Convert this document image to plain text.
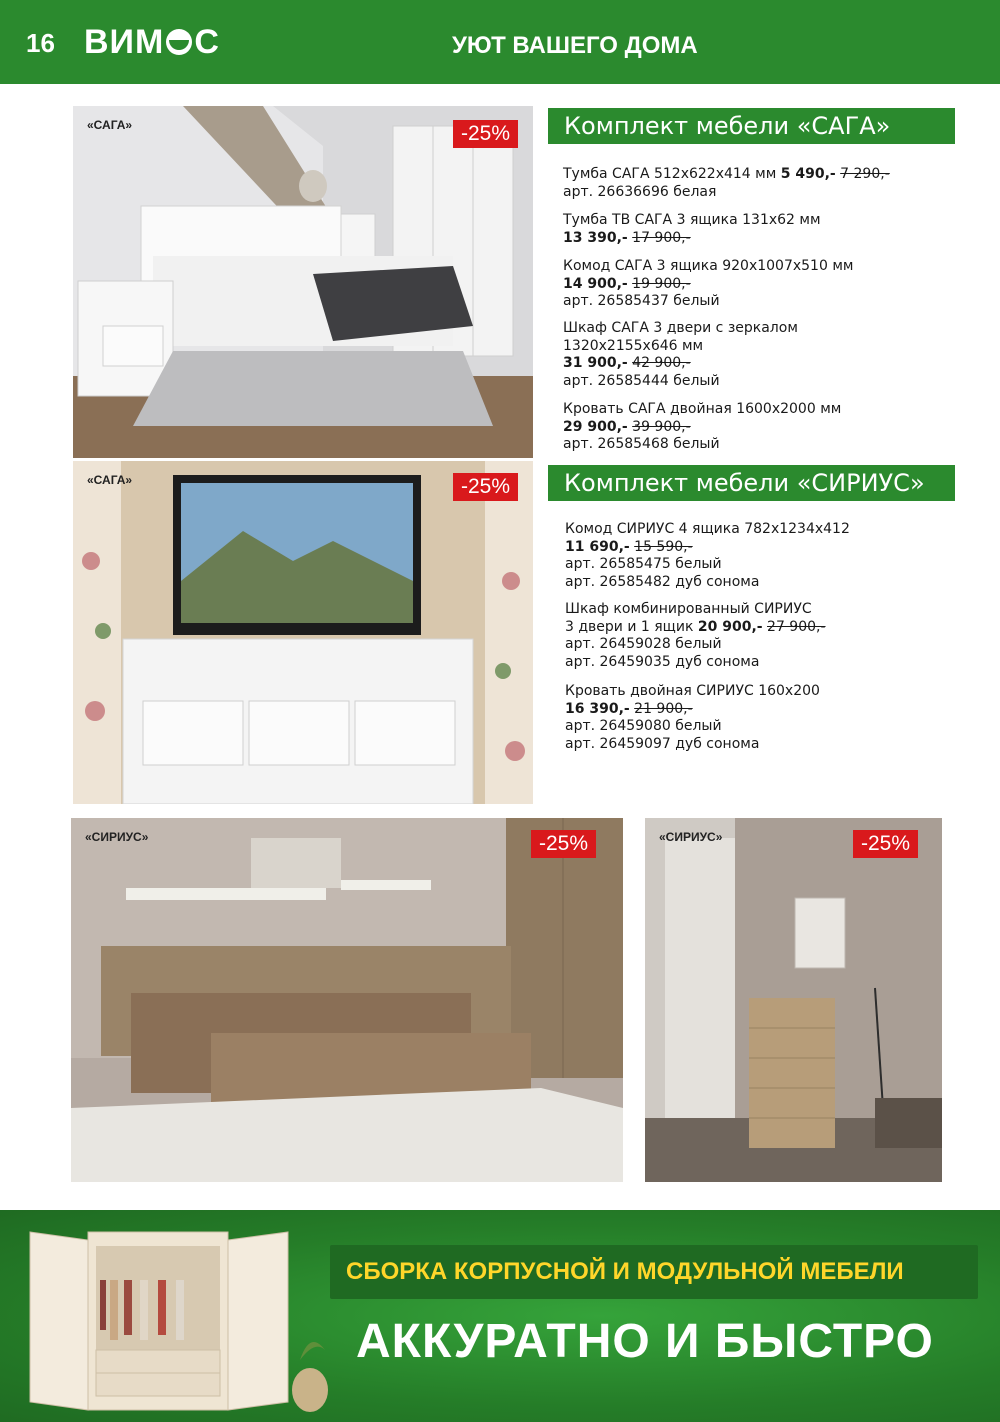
16 ВИМ С	УЮТ ВАШЕГО ДОМА
«САГА»	-25%
«САГА»	-25%
Комплект мебели «САГА»
Тумба САГА 512x622x414 мм 5 490,- 7 290,-
арт. 26636696 белая
Тумба ТВ САГА 3 ящика 131x62 мм
13 390,- 17 900,-
Комод САГА 3 ящика 920x1007x510 мм
14 900,- 19 900,-
арт. 26585437 белый
Шкаф САГА 3 двери с зеркалом
1320x2155x646 мм
31 900,- 42 900,-
арт. 26585444 белый
Кровать САГА двойная 1600x2000 мм
29 900,- 39 900,-
арт. 26585468 белый
Комплект мебели «СИРИУС»
Комод СИРИУС 4 ящика 782x1234x412
11 690,- 15 590,-
арт. 26585475 белый
арт. 26585482 дуб сонома
Шкаф комбинированный СИРИУС
3 двери и 1 ящик 20 900,- 27 900,-
арт. 26459028 белый
арт. 26459035 дуб сонома
Кровать двойная СИРИУС 160x200
16 390,- 21 900,-
арт. 26459080 белый
арт. 26459097 дуб сонома
«СИРИУС»	-25%	«СИРИУС»	-25%
СБОРКА КОРПУСНОЙ И МОДУЛЬНОЙ МЕБЕЛИ
АККУРАТНО И БЫСТРО
